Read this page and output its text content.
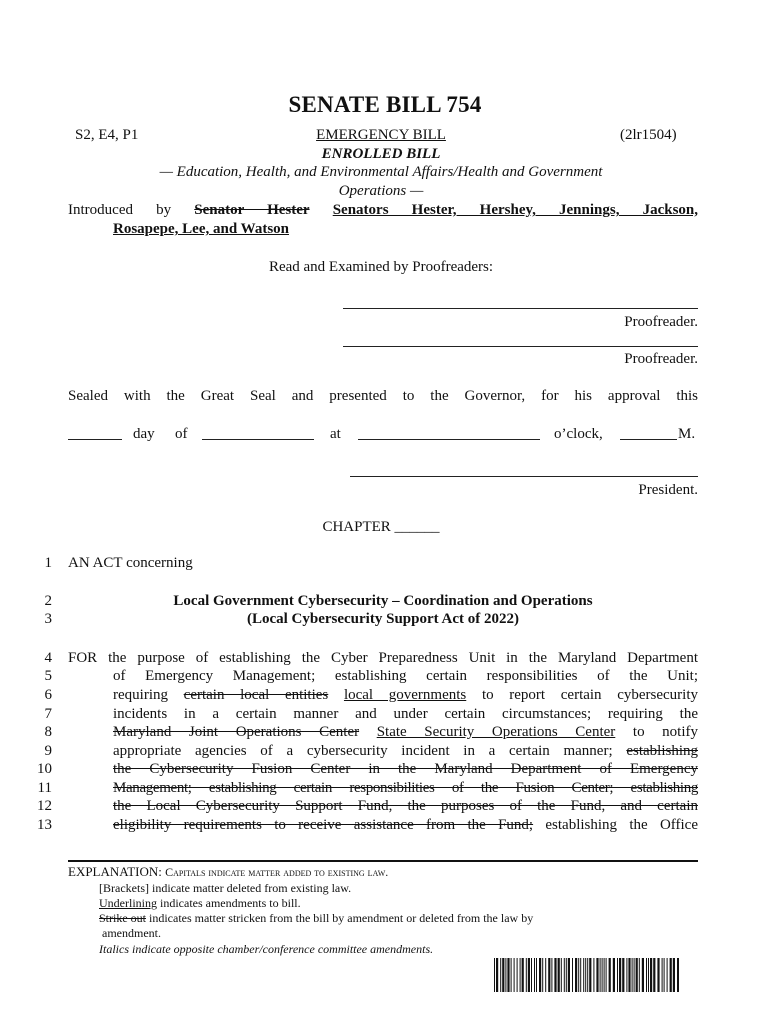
SENATE BILL 754
S2, E4, P1	EMERGENCY BILL	(2lr1504)
ENROLLED BILL
— Education, Health, and Environmental Affairs/Health and Government
Operations —
Introduced by Senator Hester Senators Hester, Hershey, Jennings, Jackson,
Rosapepe, Lee, and Watson
Read and Examined by Proofreaders:
Proofreader.
Proofreader.
Sealed with the Great Seal and presented to the Governor, for his approval this
day of	at	o’clock,	M.
President.
CHAPTER ______
1 AN ACT concerning
2	Local Government Cybersecurity – Coordination and Operations
3	(Local Cybersecurity Support Act of 2022)
4 FOR the purpose of establishing the Cyber Preparedness Unit in the Maryland Department
5	of Emergency Management; establishing certain responsibilities of the Unit;
6	requiring certain local entities local governments to report certain cybersecurity
7	incidents in a certain manner and under certain circumstances; requiring the
8	Maryland Joint Operations Center State Security Operations Center to notify
9	appropriate agencies of a cybersecurity incident in a certain manner; establishing
10	the Cybersecurity Fusion Center in the Maryland Department of Emergency
11	Management; establishing certain responsibilities of the Fusion Center; establishing
12	the Local Cybersecurity Support Fund, the purposes of the Fund, and certain
13	eligibility requirements to receive assistance from the Fund; establishing the Office
EXPLANATION: Capitals indicate matter added to existing law.
[Brackets] indicate matter deleted from existing law.
Underlining indicates amendments to bill.
Strike out indicates matter stricken from the bill by amendment or deleted from the law by
amendment.
Italics indicate opposite chamber/conference committee amendments.
